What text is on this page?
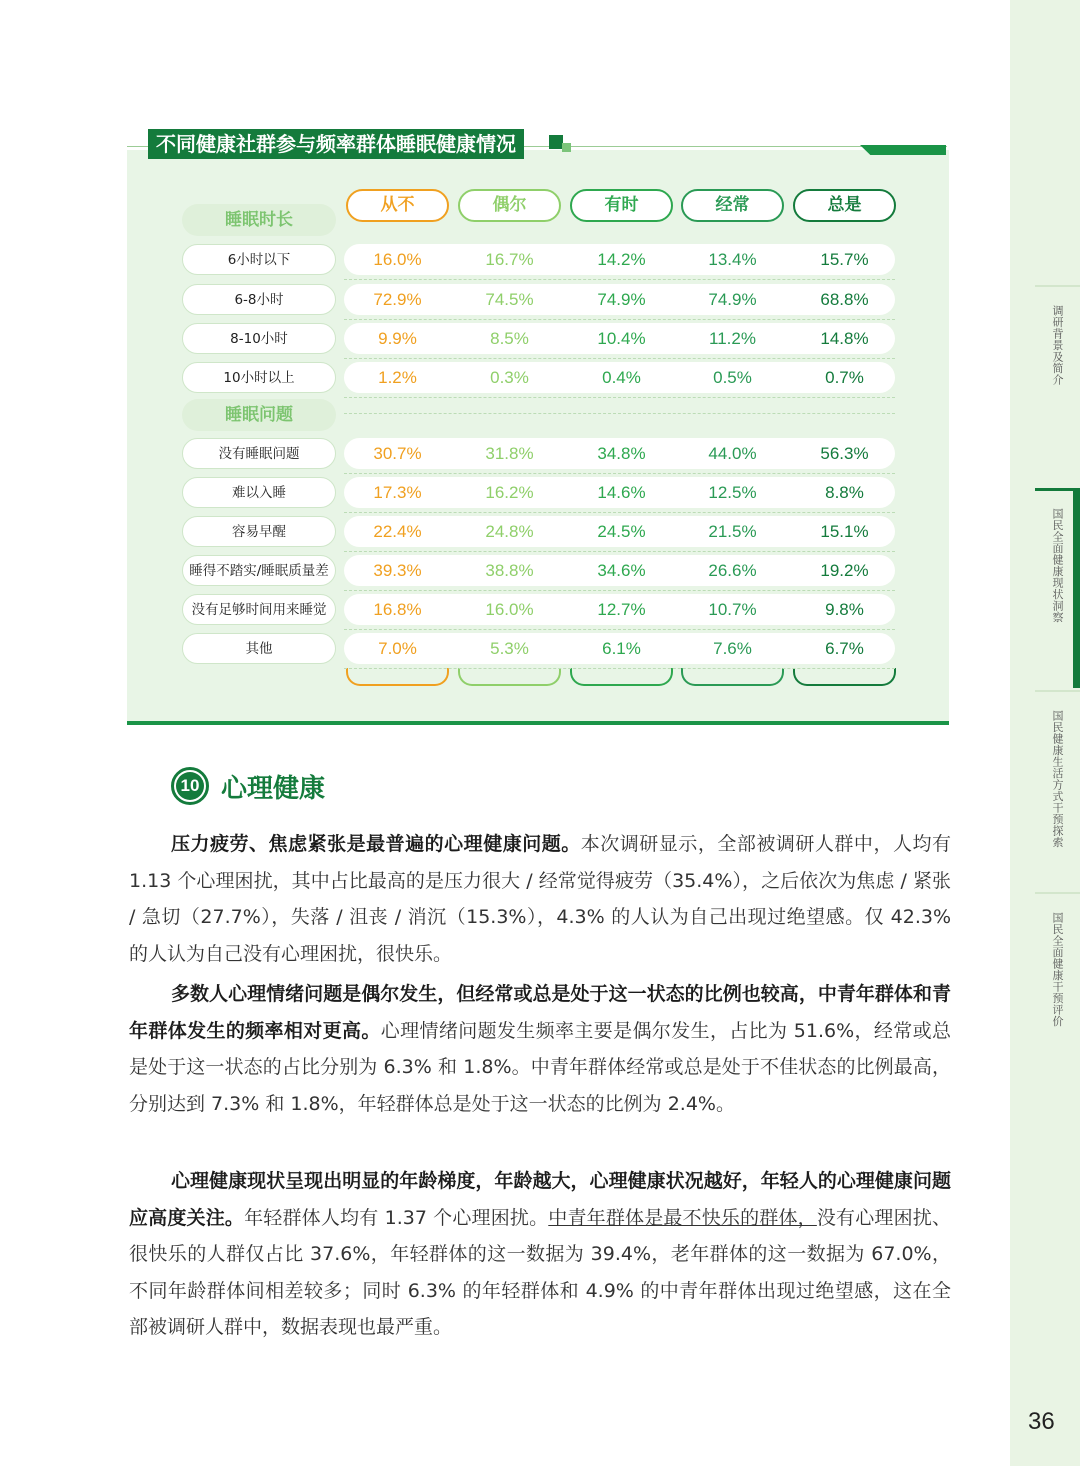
调研背景及简介
国民全面健康现状洞察
国民健康生活方式干预探索
国民全面健康干预评价
36
不同健康社群参与频率群体睡眠健康情况
从不	偶尔	有时	经常	总是
睡眠时长
6小时以下	16.0%	16.7%	14.2%	13.4%	15.7%
6-8小时	72.9%	74.5%	74.9%	74.9%	68.8%
8-10小时	9.9%	8.5%	10.4%	11.2%	14.8%
10小时以上	1.2%	0.3%	0.4%	0.5%	0.7%
睡眠问题
没有睡眠问题	30.7%	31.8%	34.8%	44.0%	56.3%
难以入睡	17.3%	16.2%	14.6%	12.5%	8.8%
容易早醒	22.4%	24.8%	24.5%	21.5%	15.1%
睡得不踏实/睡眠质量差	39.3%	38.8%	34.6%	26.6%	19.2%
没有足够时间用来睡觉	16.8%	16.0%	12.7%	10.7%	9.8%
其他	7.0%	5.3%	6.1%	7.6%	6.7%
10 心理健康
压力疲劳、焦虑紧张是最普遍的心理健康问题。本次调研显示，全部被调研人群中，人均有 1.13 个心理困扰，其中占比最高的是压力很大 / 经常觉得疲劳（35.4%），之后依次为焦虑 / 紧张 / 急切（27.7%），失落 / 沮丧 / 消沉（15.3%），4.3% 的人认为自己出现过绝望感。仅 42.3% 的人认为自己没有心理困扰，很快乐。
多数人心理情绪问题是偶尔发生，但经常或总是处于这一状态的比例也较高，中青年群体和青年群体发生的频率相对更高。心理情绪问题发生频率主要是偶尔发生，占比为 51.6%，经常或总是处于这一状态的占比分别为 6.3% 和 1.8%。中青年群体经常或总是处于不佳状态的比例最高，分别达到 7.3% 和 1.8%，年轻群体总是处于这一状态的比例为 2.4%。
心理健康现状呈现出明显的年龄梯度，年龄越大，心理健康状况越好，年轻人的心理健康问题应高度关注。年轻群体人均有 1.37 个心理困扰。中青年群体是最不快乐的群体，没有心理困扰、很快乐的人群仅占比 37.6%，年轻群体的这一数据为 39.4%，老年群体的这一数据为 67.0%，不同年龄群体间相差较多；同时 6.3% 的年轻群体和 4.9% 的中青年群体出现过绝望感，这在全部被调研人群中，数据表现也最严重。
